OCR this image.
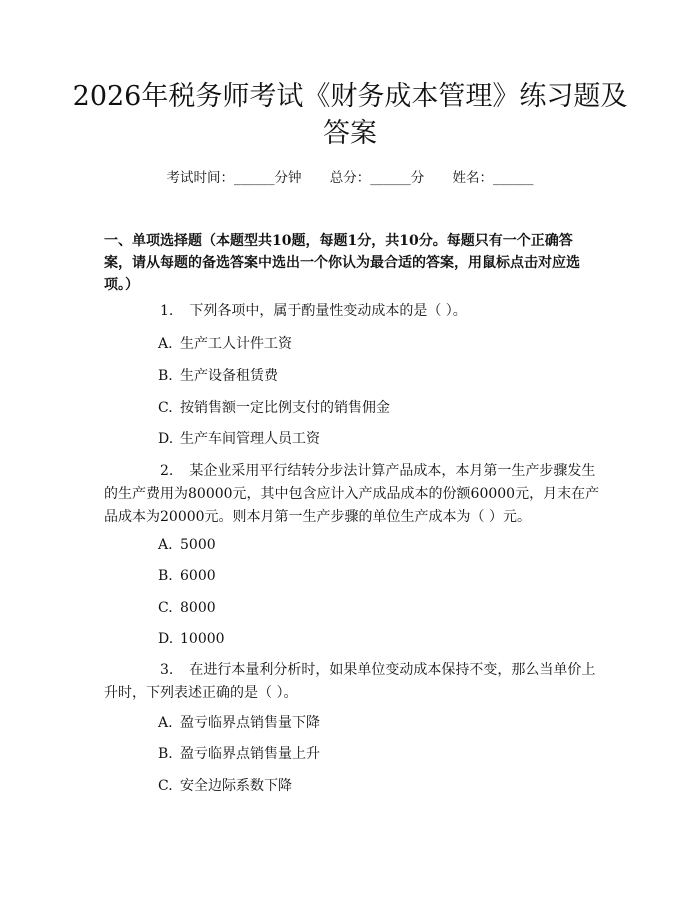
2026年税务师考试《财务成本管理》练习题及答案
考试时间：______分钟 总分：______分 姓名：______

一、单项选择题（本题型共10题，每题1分，共10分。每题只有一个正确答案，请从每题的备选答案中选出一个你认为最合适的答案，用鼠标点击对应选项。）

1. 下列各项中，属于酌量性变动成本的是（ ）。

A. 生产工人计件工资
B. 生产设备租赁费
C. 按销售额一定比例支付的销售佣金
D. 生产车间管理人员工资

2. 某企业采用平行结转分步法计算产品成本，本月第一生产步骤发生的生产费用为80000元，其中包含应计入产成品成本的份额60000元，月末在产品成本为20000元。则本月第一生产步骤的单位生产成本为（ ）元。

A. 5000
B. 6000
C. 8000
D. 10000

3. 在进行本量利分析时，如果单位变动成本保持不变，那么当单价上升时，下列表述正确的是（ ）。

A. 盈亏临界点销售量下降
B. 盈亏临界点销售量上升
C. 安全边际系数下降
